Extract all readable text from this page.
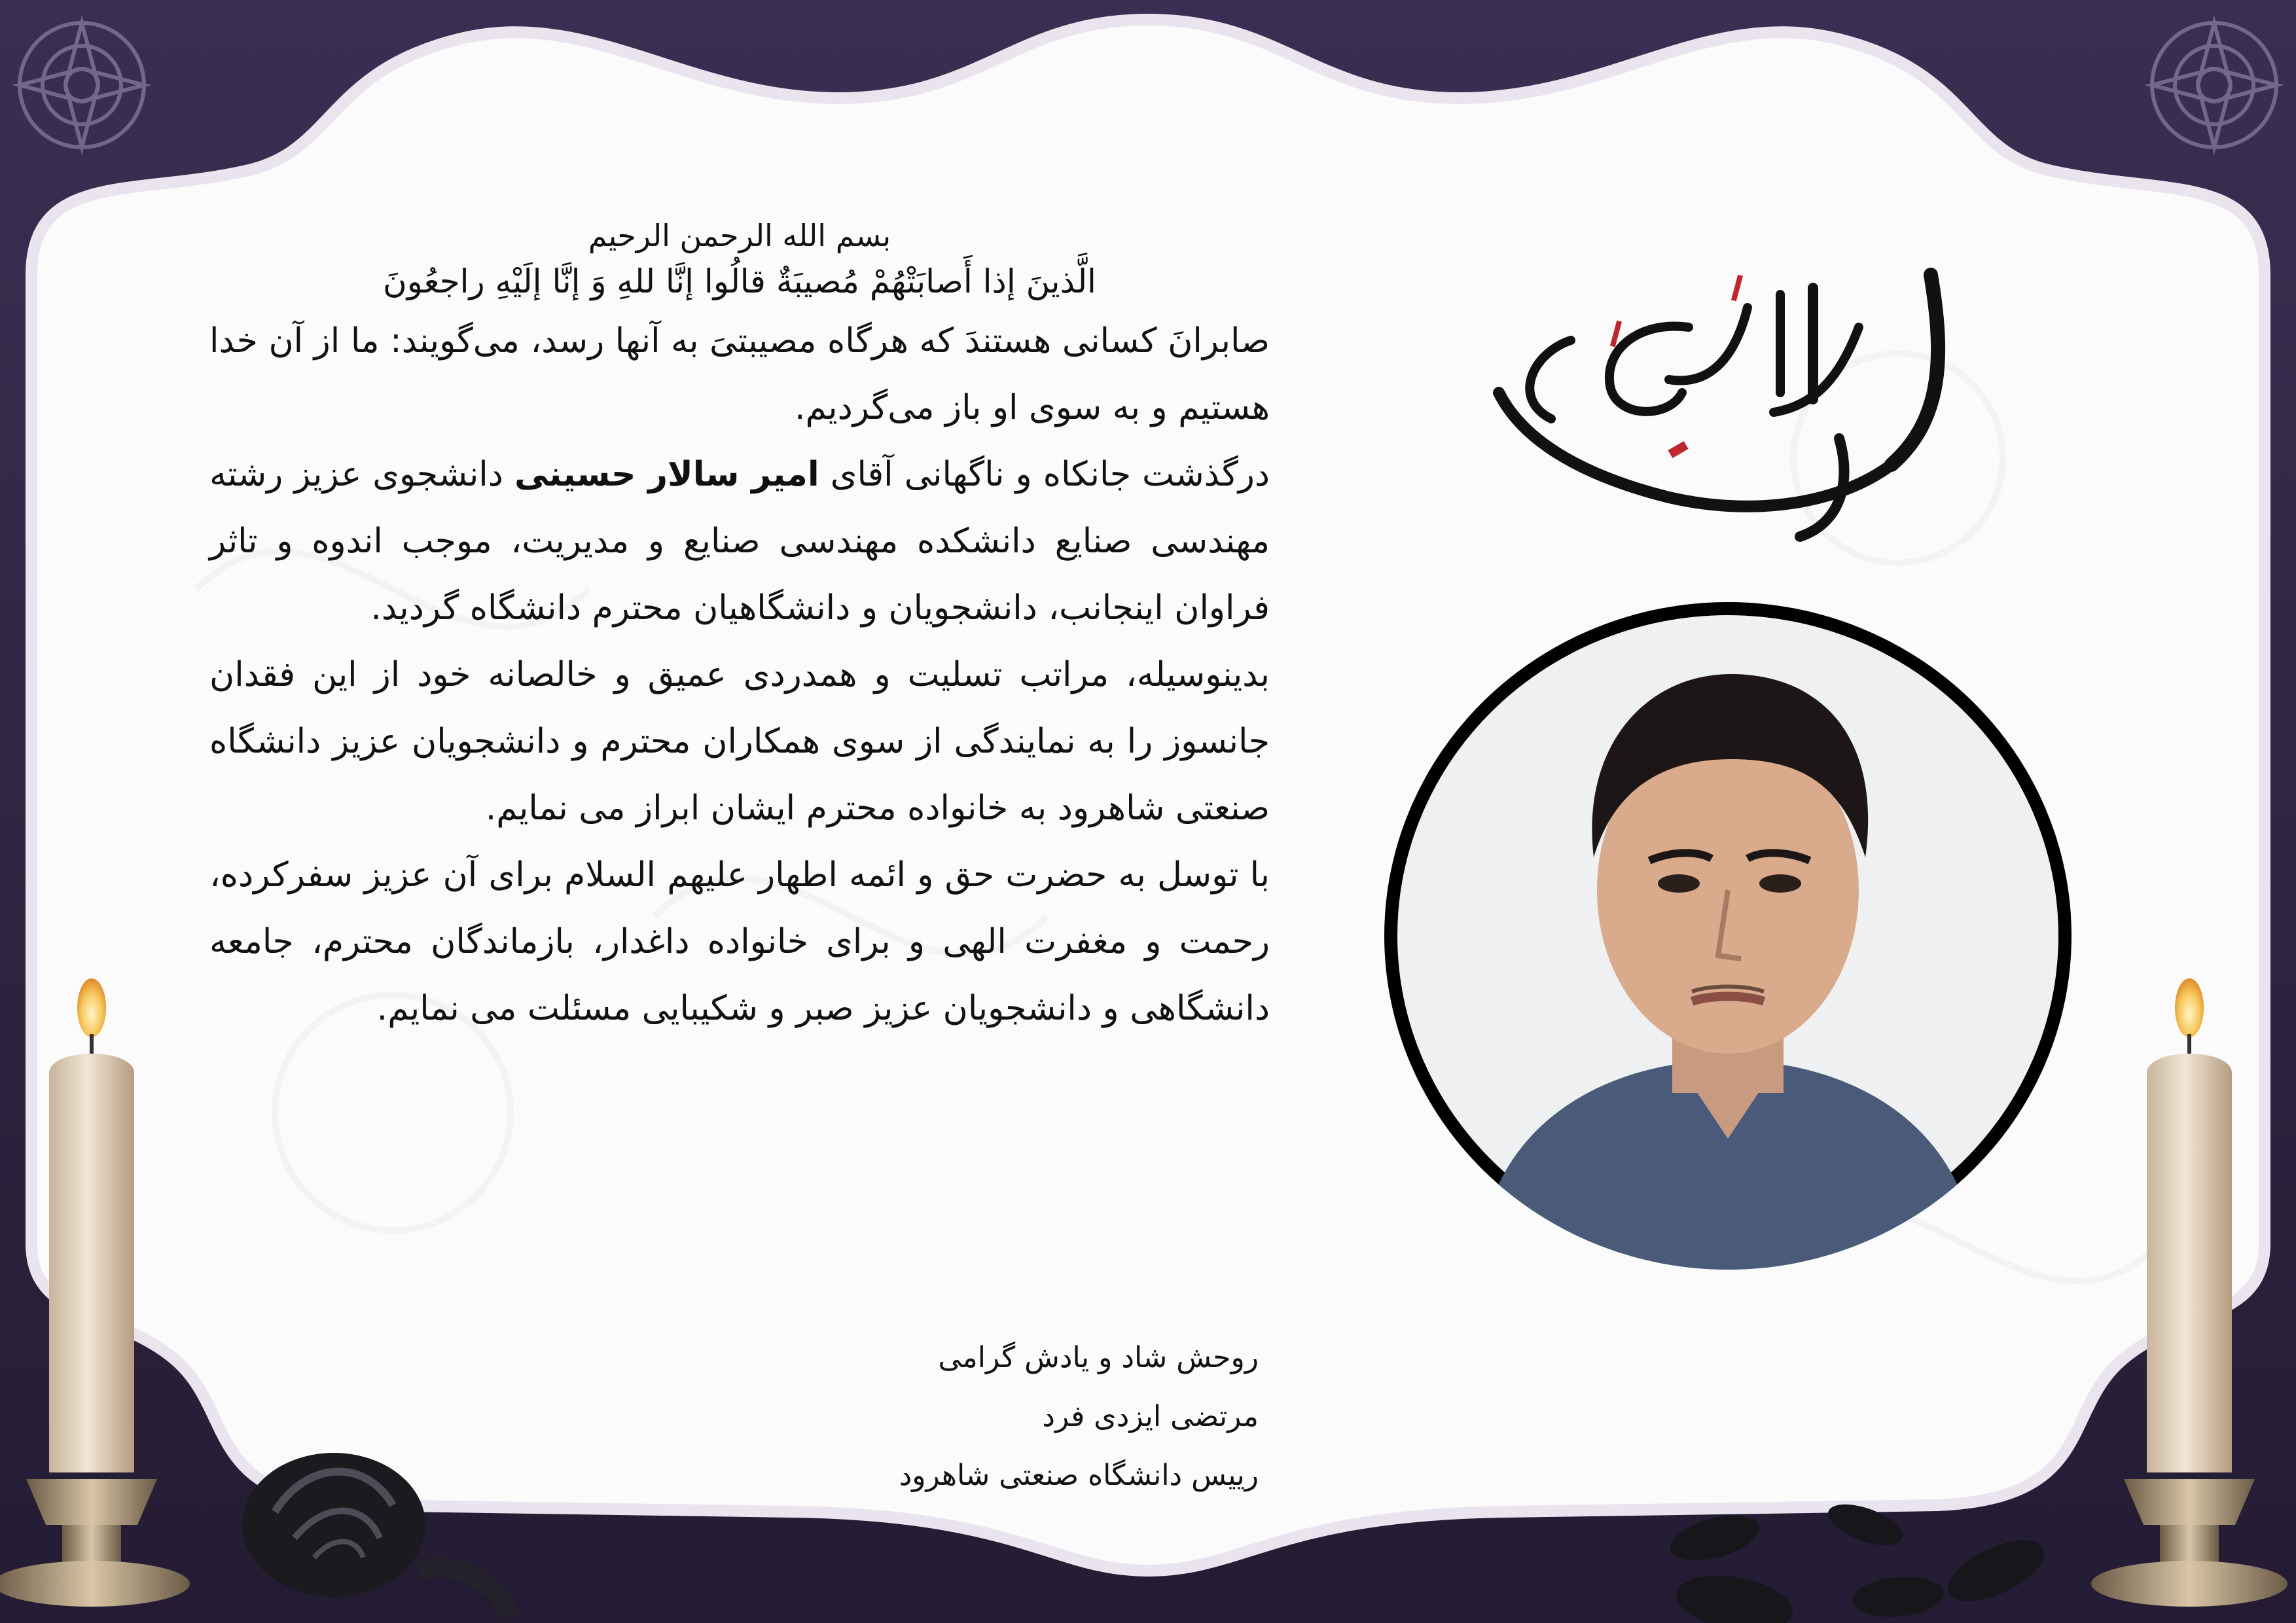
بسم الله الرحمن الرحیم

الَّذینَ إذا أَصابَتْهُمْ مُصیبَةٌ قالُوا إنَّا للهِ وَ إنَّا إلَیْهِ راجعُونَ

صابرانَ کسانی هستندَ که هرگاه مصیبتیَ به آنها رسد، می‌گویند: ما از آن خدا هستیم و به سوی او باز می‌گردیم.

درگذشت جانکاه و ناگهانی آقای امیر سالار حسینی دانشجوی عزیز رشته مهندسی صنایع دانشکده مهندسی صنایع و مدیریت، موجب اندوه و تاثر فراوان اینجانب، دانشجویان و دانشگاهیان محترم دانشگاه گردید.

بدینوسیله، مراتب تسلیت و همدردی عمیق و خالصانه خود از این فقدان جانسوز را به نمایندگی از سوی همکاران محترم و دانشجویان عزیز دانشگاه صنعتی شاهرود به خانواده محترم ایشان ابراز می نمایم.

با توسل به حضرت حق و ائمه اطهار علیهم السلام برای آن عزیز سفرکرده، رحمت و مغفرت الهی و برای خانواده داغدار، بازماندگان محترم، جامعه دانشگاهی و دانشجویان عزیز صبر و شکیبایی مسئلت می نمایم.

روحش شاد و یادش گرامی
مرتضی ایزدی فرد
رییس دانشگاه صنعتی شاهرود
